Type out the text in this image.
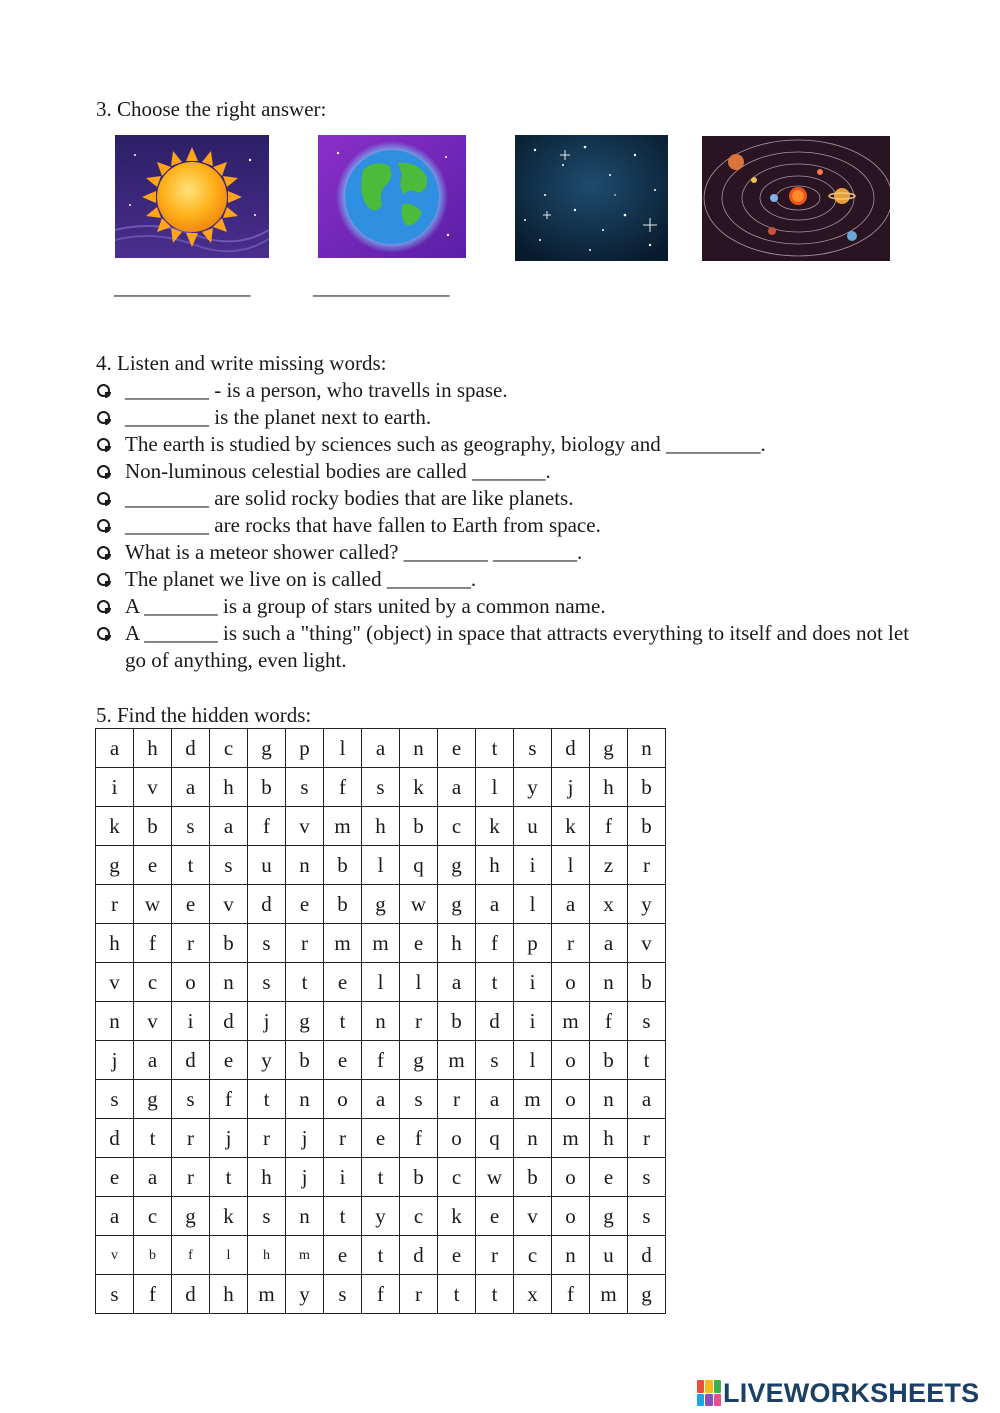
3. Choose the right answer:
_____________	_____________
4. Listen and write missing words:
________ - is a person, who travells in spase.
________ is the planet next to earth.
The earth is studied by sciences such as geography, biology and _________.
Non-luminous celestial bodies are called _______.
________ are solid rocky bodies that are like planets.
________ are rocks that have fallen to Earth from space.
What is a meteor shower called? ________ ________.
The planet we live on is called ________.
A _______ is a group of stars united by a common name.
A _______ is such a "thing" (object) in space that attracts everything to itself and does not let go of anything, even light.
5. Find the hidden words:
a	h	d	c	g	p	l	a	n	e	t	s	d	g	n
i	v	a	h	b	s	f	s	k	a	l	y	j	h	b
k	b	s	a	f	v	m	h	b	c	k	u	k	f	b
g	e	t	s	u	n	b	l	q	g	h	i	l	z	r
r	w	e	v	d	e	b	g	w	g	a	l	a	x	y
h	f	r	b	s	r	m	m	e	h	f	p	r	a	v
v	c	o	n	s	t	e	l	l	a	t	i	o	n	b
n	v	i	d	j	g	t	n	r	b	d	i	m	f	s
j	a	d	e	y	b	e	f	g	m	s	l	o	b	t
s	g	s	f	t	n	o	a	s	r	a	m	o	n	a
d	t	r	j	r	j	r	e	f	o	q	n	m	h	r
e	a	r	t	h	j	i	t	b	c	w	b	o	e	s
a	c	g	k	s	n	t	y	c	k	e	v	o	g	s
v	b	f	l	h	m	e	t	d	e	r	c	n	u	d
s	f	d	h	m	y	s	f	r	t	t	x	f	m	g
LIVEWORKSHEETS
